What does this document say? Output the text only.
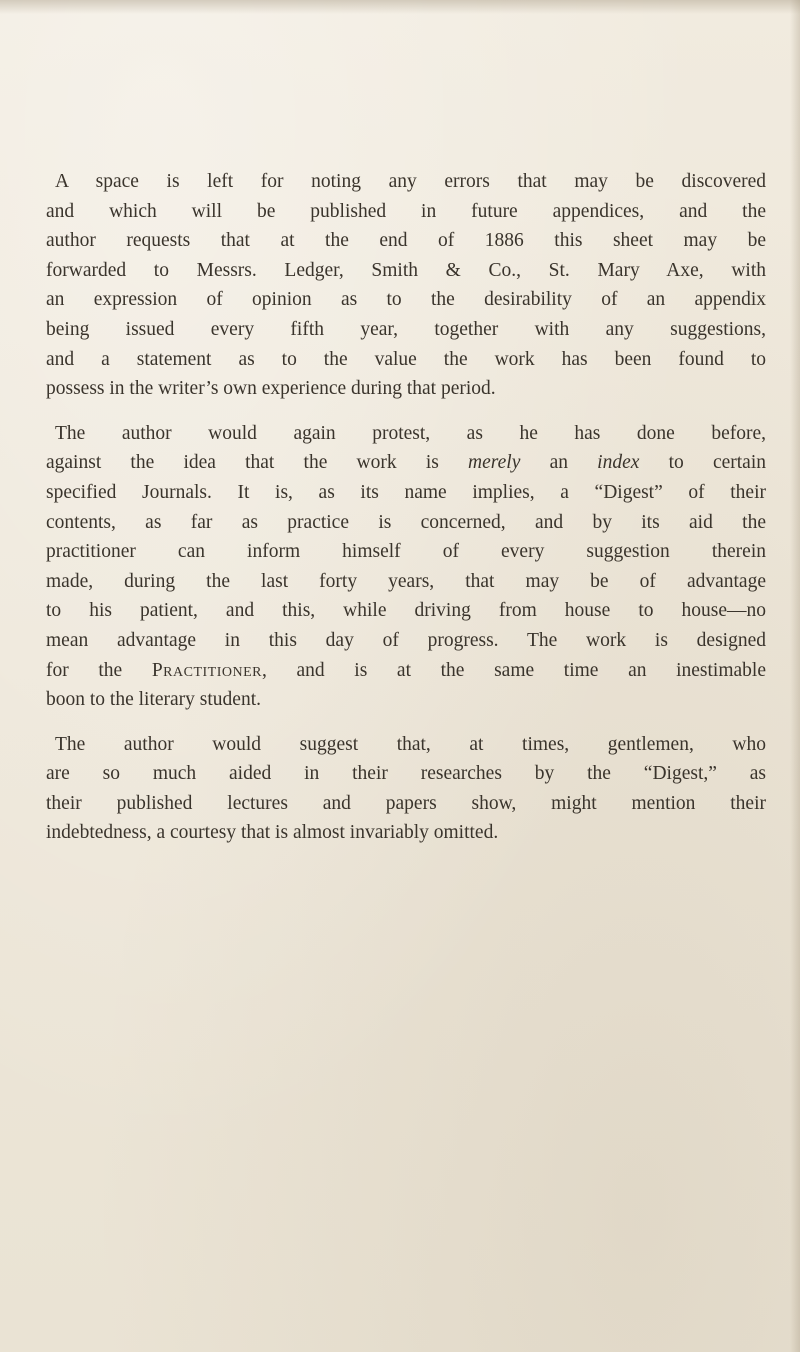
A space is left for noting any errors that may be discovered
and which will be published in future appendices, and the
author requests that at the end of 1886 this sheet may be
forwarded to Messrs. Ledger, Smith & Co., St. Mary Axe, with
an expression of opinion as to the desirability of an appendix
being issued every fifth year, together with any suggestions,
and a statement as to the value the work has been found to
possess in the writer’s own experience during that period.

The author would again protest, as he has done before,
against the idea that the work is merely an index to certain
specified Journals. It is, as its name implies, a “Digest” of their
contents, as far as practice is concerned, and by its aid the
practitioner can inform himself of every suggestion therein
made, during the last forty years, that may be of advantage
to his patient, and this, while driving from house to house—no
mean advantage in this day of progress. The work is designed
for the Practitioner, and is at the same time an inestimable
boon to the literary student.

The author would suggest that, at times, gentlemen, who
are so much aided in their researches by the “Digest,” as
their published lectures and papers show, might mention their
indebtedness, a courtesy that is almost invariably omitted.
